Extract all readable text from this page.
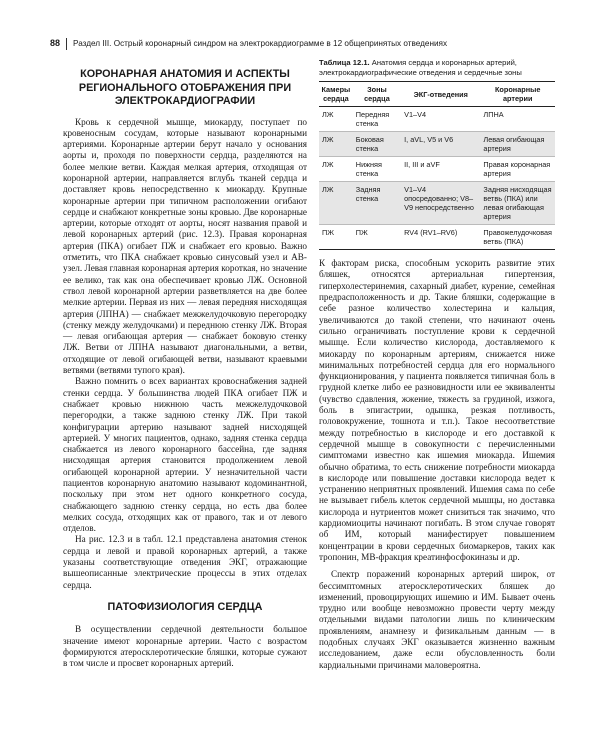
88 Раздел III. Острый коронарный синдром на электрокардиограмме в 12 общепринятых отведениях
КОРОНАРНАЯ АНАТОМИЯ И АСПЕКТЫ РЕГИОНАЛЬНОГО ОТОБРАЖЕНИЯ ПРИ ЭЛЕКТРОКАРДИОГРАФИИ

Кровь к сердечной мышце, миокарду, поступает по кровеносным сосудам, которые называют коронарными артериями. Коронарные артерии берут начало у основания аорты и, проходя по поверхности сердца, разделяются на более мелкие ветви. Каждая мелкая артерия, отходящая от коронарной артерии, направляется вглубь тканей сердца и доставляет кровь непосредственно к миокарду. Крупные коронарные артерии при типичном расположении огибают сердце и снабжают конкретные зоны кровью. Две коронарные артерии, которые отходят от аорты, носят названия правой и левой коронарных артерий (рис. 12.3). Правая коронарная артерия (ПКА) огибает ПЖ и снабжает его кровью. Важно отметить, что ПКА снабжает кровью синусовый узел и АВ-узел. Левая главная коронарная артерия короткая, но значение ее велико, так как она обеспечивает кровью ЛЖ. Основной ствол левой коронарной артерии разветвляется на две более мелкие артерии. Первая из них — левая передняя нисходящая артерия (ЛПНА) — снабжает межжелудочковую перегородку (стенку между желудочками) и переднюю стенку ЛЖ. Вторая — левая огибающая артерия — снабжает боковую стенку ЛЖ. Ветви от ЛПНА называют диагональными, а ветви, отходящие от левой огибающей ветви, называют краевыми ветвями (ветвями тупого края).

Важно помнить о всех вариантах кровоснабжения задней стенки сердца. У большинства людей ПКА огибает ПЖ и снабжает кровью нижнюю часть межжелудочковой перегородки, а также заднюю стенку ЛЖ. При такой конфигурации артерию называют задней нисходящей артерией. У многих пациентов, однако, задняя стенка сердца снабжается из левого коронарного бассейна, где задняя нисходящая артерия становится продолжением левой огибающей коронарной артерии. У незначительной части пациентов коронарную анатомию называют кодоминантной, поскольку при этом нет одного конкретного сосуда, снабжающего заднюю стенку сердца, но есть два более мелких сосуда, отходящих как от правого, так и от левого отделов.

На рис. 12.3 и в табл. 12.1 представлена анатомия стенок сердца и левой и правой коронарных артерий, а также указаны соответствующие отведения ЭКГ, отражающие вышеописанные электрические процессы в этих отделах сердца.

ПАТОФИЗИОЛОГИЯ СЕРДЦА

В осуществлении сердечной деятельности большое значение имеют коронарные артерии. Часто с возрастом формируются атеросклеротические бляшки, которые сужают в том числе и просвет коронарных артерий.

Таблица 12.1. Анатомия сердца и коронарных артерий, электрокардиографические отведения и сердечные зоны

Камеры сердца	Зоны сердца	ЭКГ-отведения	Коронарные артерии
ЛЖ	Передняя стенка	V1–V4	ЛПНА
ЛЖ	Боковая стенка	I, aVL, V5 и V6	Левая огибающая артерия
ЛЖ	Нижняя стенка	II, III и aVF	Правая коронарная артерия
ЛЖ	Задняя стенка	V1–V4 опосредованно; V8–V9 непосредственно	Задняя нисходящая ветвь (ПКА) или левая огибающая артерия
ПЖ	ПЖ	RV4 (RV1–RV6)	Правожелудочковая ветвь (ПКА)

К факторам риска, способным ускорить развитие этих бляшек, относятся артериальная гипертензия, гиперхолестеринемия, сахарный диабет, курение, семейная предрасположенность и др. Такие бляшки, содержащие в себе разное количество холестерина и кальция, увеличиваются до такой степени, что начинают очень сильно ограничивать поступление крови к сердечной мышце. Если количество кислорода, доставляемого к миокарду по коронарным артериям, снижается ниже минимальных потребностей сердца для его нормального функционирования, у пациента появляется типичная боль в грудной клетке либо ее разновидности или ее эквиваленты (чувство сдавления, жжение, тяжесть за грудиной, изжога, боль в эпигастрии, одышка, резкая потливость, головокружение, тошнота и т.п.). Такое несоответствие между потребностью в кислороде и его доставкой к сердечной мышце в совокупности с перечисленными симптомами известно как ишемия миокарда. Ишемия обычно обратима, то есть снижение потребности миокарда в кислороде или повышение доставки кислорода ведет к устранению неприятных проявлений. Ишемия сама по себе не вызывает гибель клеток сердечной мышцы, но доставка кислорода и нутриентов может снизиться так значимо, что кардиомиоциты начинают погибать. В этом случае говорят об ИМ, который манифестирует повышением концентрации в крови сердечных биомаркеров, таких как тропонин, МВ-фракция креатинфосфокиназы и др.

Спектр поражений коронарных артерий широк, от бессимптомных атеросклеротических бляшек до изменений, провоцирующих ишемию и ИМ. Бывает очень трудно или вообще невозможно провести черту между отдельными видами патологии лишь по клиническим проявлениям, анамнезу и физикальным данным — в подобных случаях ЭКГ оказывается жизненно важным исследованием, даже если обусловленность боли кардиальными причинами маловероятна.
